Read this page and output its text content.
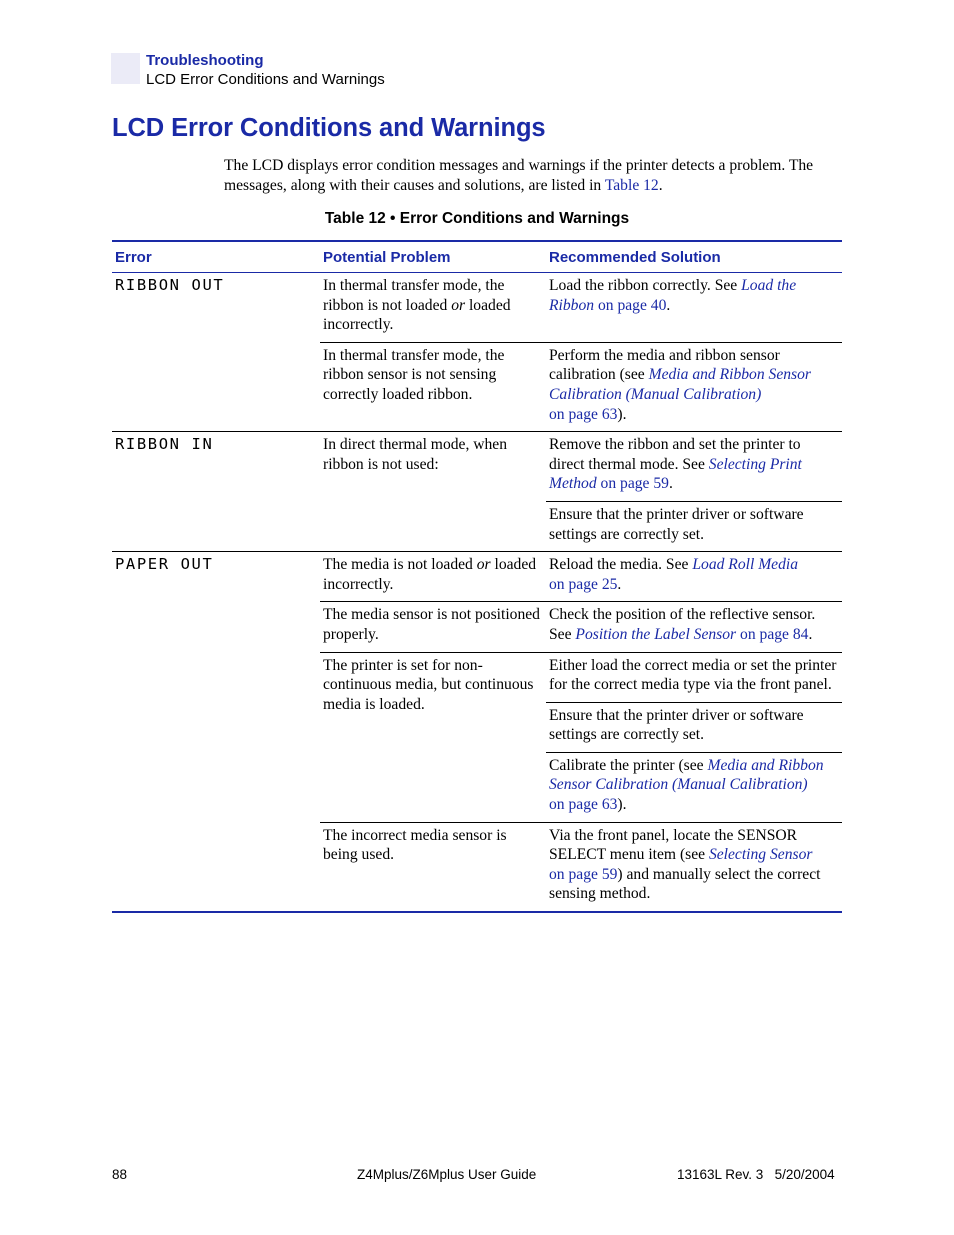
Troubleshooting
LCD Error Conditions and Warnings
LCD Error Conditions and Warnings
The LCD displays error condition messages and warnings if the printer detects a problem. The messages, along with their causes and solutions, are listed in Table 12.
Table 12 • Error Conditions and Warnings
Error	Potential Problem	Recommended Solution
RIBBON OUT	In thermal transfer mode, the ribbon is not loaded or loaded incorrectly.	Load the ribbon correctly. See Load the Ribbon on page 40.
	In thermal transfer mode, the ribbon sensor is not sensing correctly loaded ribbon.	Perform the media and ribbon sensor calibration (see Media and Ribbon Sensor Calibration (Manual Calibration)
on page 63).
RIBBON IN	In direct thermal mode, when ribbon is not used:	Remove the ribbon and set the printer to direct thermal mode. See Selecting Print Method on page 59.
		Ensure that the printer driver or software settings are correctly set.
PAPER OUT	The media is not loaded or loaded incorrectly.	Reload the media. See Load Roll Media
on page 25.
	The media sensor is not positioned properly.	Check the position of the reflective sensor. See Position the Label Sensor on page 84.
	The printer is set for non-continuous media, but continuous media is loaded.	Either load the correct media or set the printer for the correct media type via the front panel.
		Ensure that the printer driver or software settings are correctly set.
		Calibrate the printer (see Media and Ribbon Sensor Calibration (Manual Calibration)
on page 63).
	The incorrect media sensor is being used.	Via the front panel, locate the SENSOR SELECT menu item (see Selecting Sensor
on page 59) and manually select the correct sensing method.
88	Z4Mplus/Z6Mplus User Guide	13163L Rev. 3   5/20/2004
